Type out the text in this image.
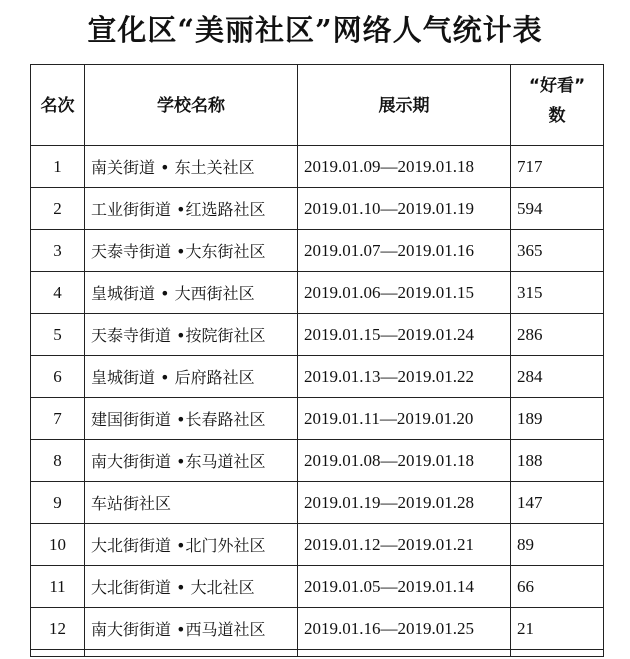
宣化区“美丽社区”网络人气统计表
名次	学校名称	展示期	“好看”
数

1	南关街道 • 东土关社区	2019.01.09—2019.01.18	717
2	工业街街道 •红选路社区	2019.01.10—2019.01.19	594
3	天泰寺街道 •大东街社区	2019.01.07—2019.01.16	365
4	皇城街道 • 大西街社区	2019.01.06—2019.01.15	315
5	天泰寺街道 •按院街社区	2019.01.15—2019.01.24	286
6	皇城街道 • 后府路社区	2019.01.13—2019.01.22	284
7	建国街街道 •长春路社区	2019.01.11—2019.01.20	189
8	南大街街道 •东马道社区	2019.01.08—2019.01.18	188
9	车站街社区	2019.01.19—2019.01.28	147
10	大北街街道 •北门外社区	2019.01.12—2019.01.21	89
11	大北街街道 • 大北社区	2019.01.05—2019.01.14	66
12	南大街街道 •西马道社区	2019.01.16—2019.01.25	21
